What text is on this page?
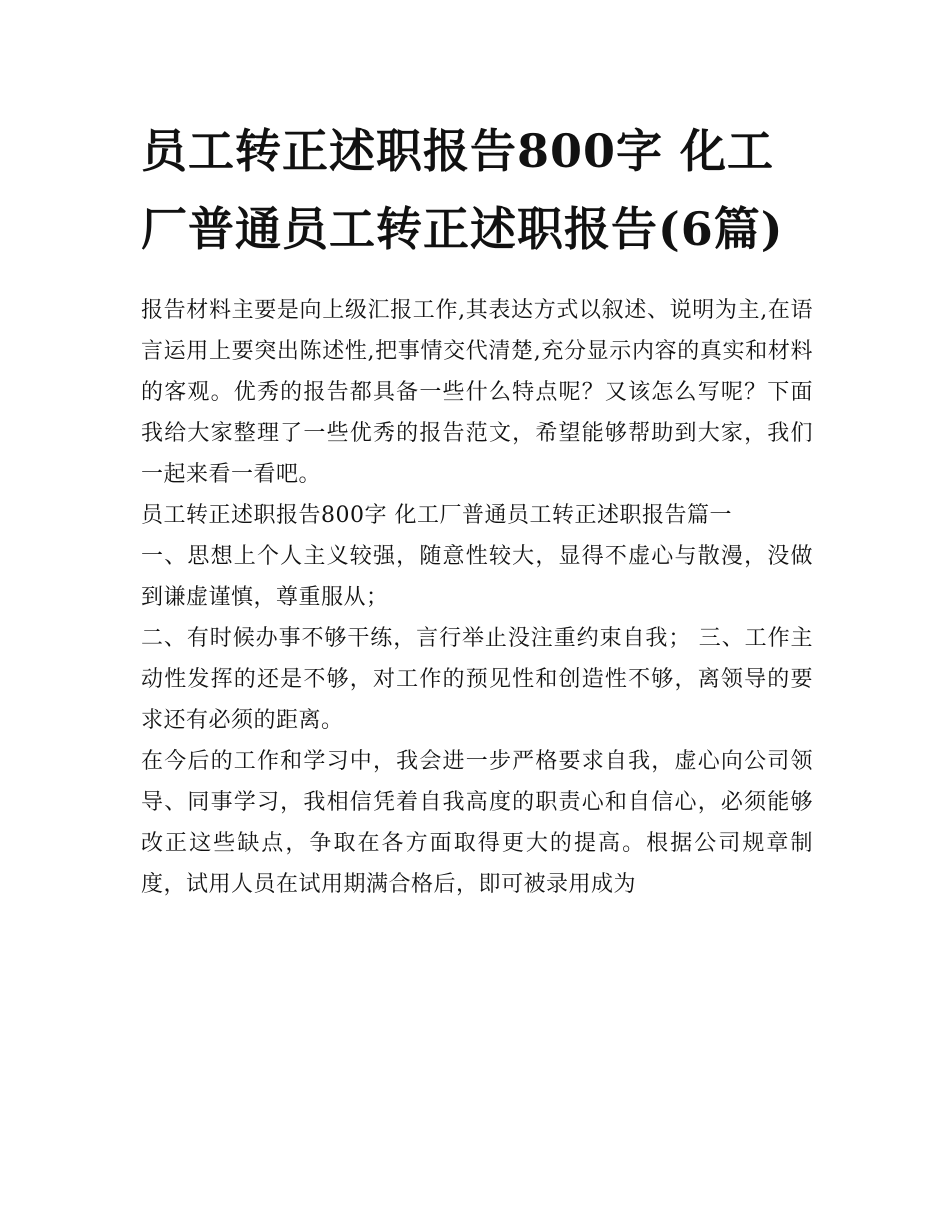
员工转正述职报告800字 化工厂普通员工转正述职报告(6篇)

报告材料主要是向上级汇报工作,其表达方式以叙述、说明为主,在语言运用上要突出陈述性,把事情交代清楚,充分显示内容的真实和材料的客观。优秀的报告都具备一些什么特点呢？又该怎么写呢？下面我给大家整理了一些优秀的报告范文，希望能够帮助到大家，我们一起来看一看吧。

员工转正述职报告800字 化工厂普通员工转正述职报告篇一

一、思想上个人主义较强，随意性较大，显得不虚心与散漫，没做到谦虚谨慎，尊重服从；

二、有时候办事不够干练，言行举止没注重约束自我； 三、工作主动性发挥的还是不够，对工作的预见性和创造性不够，离领导的要求还有必须的距离。

在今后的工作和学习中，我会进一步严格要求自我，虚心向公司领导、同事学习，我相信凭着自我高度的职责心和自信心，必须能够改正这些缺点，争取在各方面取得更大的提高。根据公司规章制度，试用人员在试用期满合格后，即可被录用成为
